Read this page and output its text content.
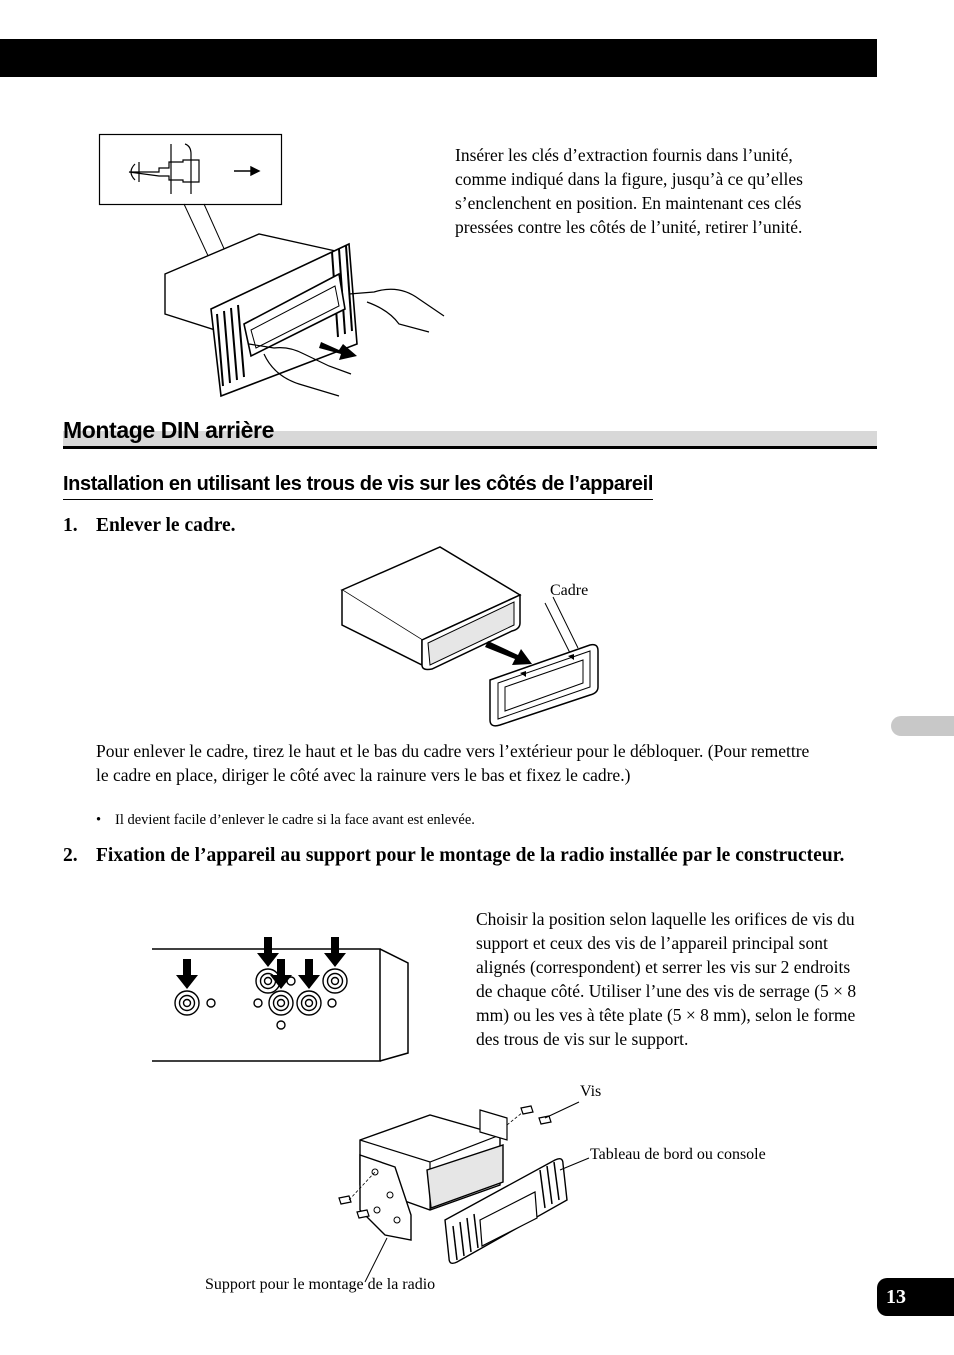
Insérer les clés d’extraction fournis dans l’unité, comme indiqué dans la figure, jusqu’à ce qu’elles s’enclenchent en position. En maintenant ces clés pressées contre les côtés de l’unité, retirer l’unité.
Montage DIN arrière
Installation en utilisant les trous de vis sur les côtés de l’appareil
1. Enlever le cadre.
Cadre
Pour enlever le cadre, tirez le haut et le bas du cadre vers l’extérieur pour le débloquer. (Pour remettre le cadre en place, diriger le côté avec la rainure vers le bas et fixez le cadre.)
• Il devient facile d’enlever le cadre si la face avant est enlevée.
2. Fixation de l’appareil au support pour le montage de la radio installée par le constructeur.
Choisir la position selon laquelle les orifices de vis du support et ceux des vis de l’appareil principal sont alignés (correspondent) et serrer les vis sur 2 endroits de chaque côté. Utiliser l’une des vis de serrage (5 × 8 mm) ou les ves à tête plate (5 × 8 mm), selon le forme des trous de vis sur le support.
Vis
Tableau de bord ou console
Support pour le montage de la radio
13
